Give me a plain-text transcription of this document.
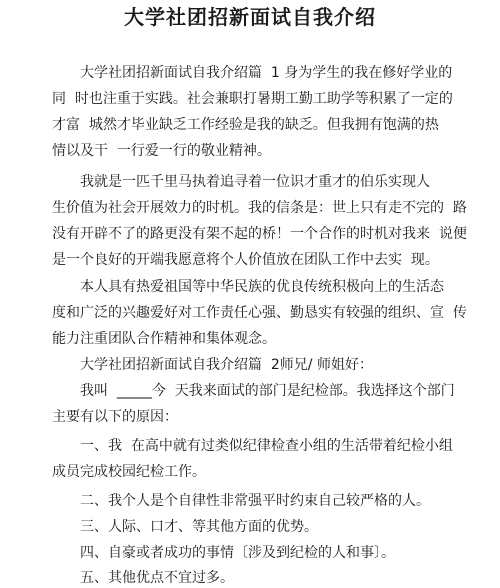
大学社团招新面试自我介绍
大学社团招新面试自我介绍篇  1 身为学生的我在修好学业的
同  时也注重于实践。社会兼职打暑期工勤工助学等积累了一定的
才富  城然才毕业缺乏工作经验是我的缺乏。但我拥有饱满的热
情以及干  一行爱一行的敬业精神。
我就是一匹千里马执着追寻着一位识才重才的伯乐实现人
生价值为社会开展效力的时机。我的信条是：世上只有走不完的  路
没有开辟不了的路更没有架不起的桥！一个合作的时机对我来  说便
是一个良好的开端我愿意将个人价值放在团队工作中去实  现。
本人具有热爱祖国等中华民族的优良传统积极向上的生活态
度和广泛的兴趣爱好对工作责任心强、勤恳实有较强的组织、宣  传
能力注重团队合作精神和集体观念。
大学社团招新面试自我介绍篇  2师兄/ 师姐好：
我叫  _____今  天我来面试的部门是纪检部。我选择这个部门
主要有以下的原因：
一、我  在高中就有过类似纪律检查小组的生活带着纪检小组
成员完成校园纪检工作。
二、我个人是个自律性非常强平时约束自己较严格的人。
三、人际、口才、等其他方面的优势。
四、自豪或者成功的事情〔涉及到纪检的人和事〕。
五、其他优点不宜过多。
